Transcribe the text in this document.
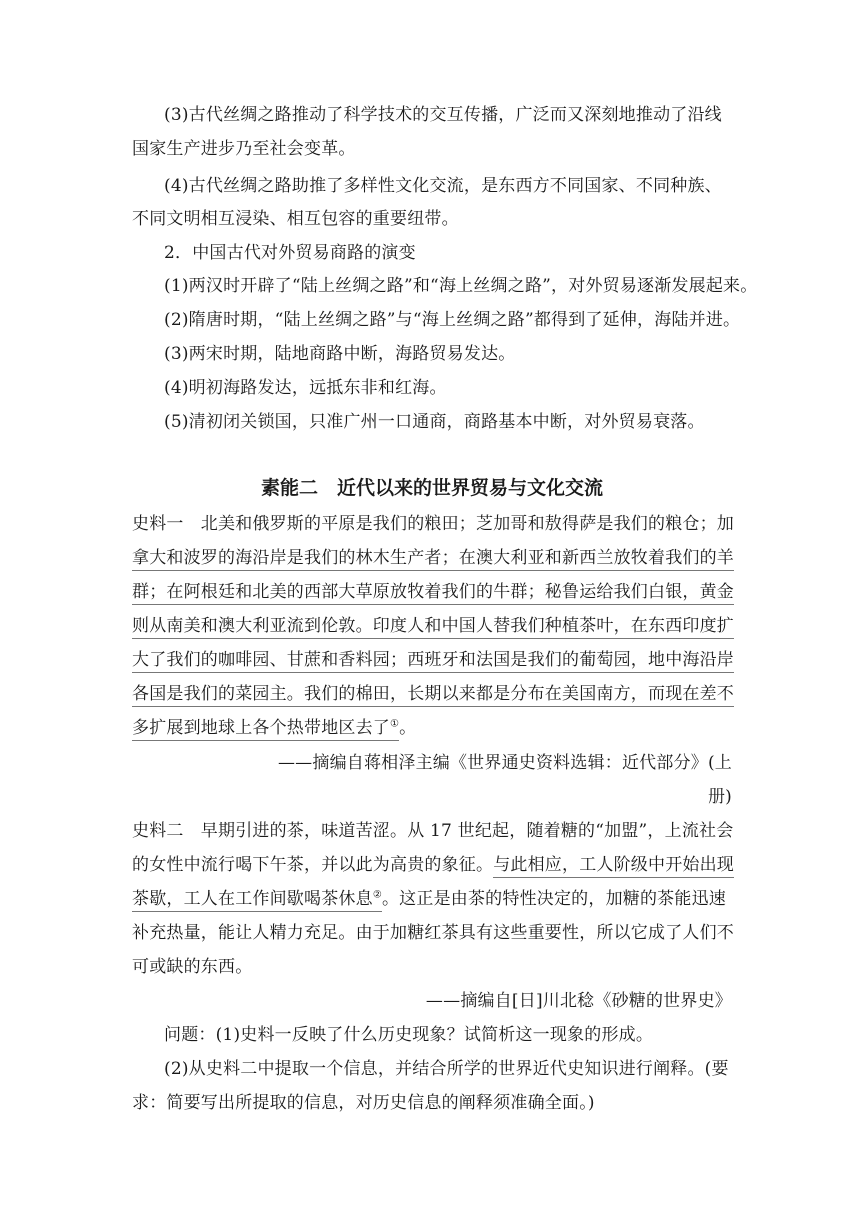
(3)古代丝绸之路推动了科学技术的交互传播，广泛而又深刻地推动了沿线

国家生产进步乃至社会变革。

(4)古代丝绸之路助推了多样性文化交流，是东西方不同国家、不同种族、

不同文明相互浸染、相互包容的重要纽带。

2．中国古代对外贸易商路的演变

(1)两汉时开辟了“陆上丝绸之路”和“海上丝绸之路”，对外贸易逐渐发展起来。

(2)隋唐时期，“陆上丝绸之路”与“海上丝绸之路”都得到了延伸，海陆并进。

(3)两宋时期，陆地商路中断，海路贸易发达。

(4)明初海路发达，远抵东非和红海。

(5)清初闭关锁国，只准广州一口通商，商路基本中断，对外贸易衰落。

素能二　近代以来的世界贸易与文化交流

史料一　北美和俄罗斯的平原是我们的粮田；芝加哥和敖得萨是我们的粮仓；加

拿大和波罗的海沿岸是我们的林木生产者；在澳大利亚和新西兰放牧着我们的羊

群；在阿根廷和北美的西部大草原放牧着我们的牛群；秘鲁运给我们白银，黄金

则从南美和澳大利亚流到伦敦。印度人和中国人替我们种植茶叶，在东西印度扩

大了我们的咖啡园、甘蔗和香料园；西班牙和法国是我们的葡萄园，地中海沿岸

各国是我们的菜园主。我们的棉田，长期以来都是分布在美国南方，而现在差不

多扩展到地球上各个热带地区去了①。

——摘编自蒋相泽主编《世界通史资料选辑：近代部分》(上

册)

史料二　早期引进的茶，味道苦涩。从 17 世纪起，随着糖的“加盟”，上流社会

的女性中流行喝下午茶，并以此为高贵的象征。与此相应，工人阶级中开始出现

茶歇，工人在工作间歇喝茶休息②。这正是由茶的特性决定的，加糖的茶能迅速

补充热量，能让人精力充足。由于加糖红茶具有这些重要性，所以它成了人们不

可或缺的东西。

——摘编自[日]川北稔《砂糖的世界史》

问题：(1)史料一反映了什么历史现象？试简析这一现象的形成。

(2)从史料二中提取一个信息，并结合所学的世界近代史知识进行阐释。(要

求：简要写出所提取的信息，对历史信息的阐释须准确全面。)
